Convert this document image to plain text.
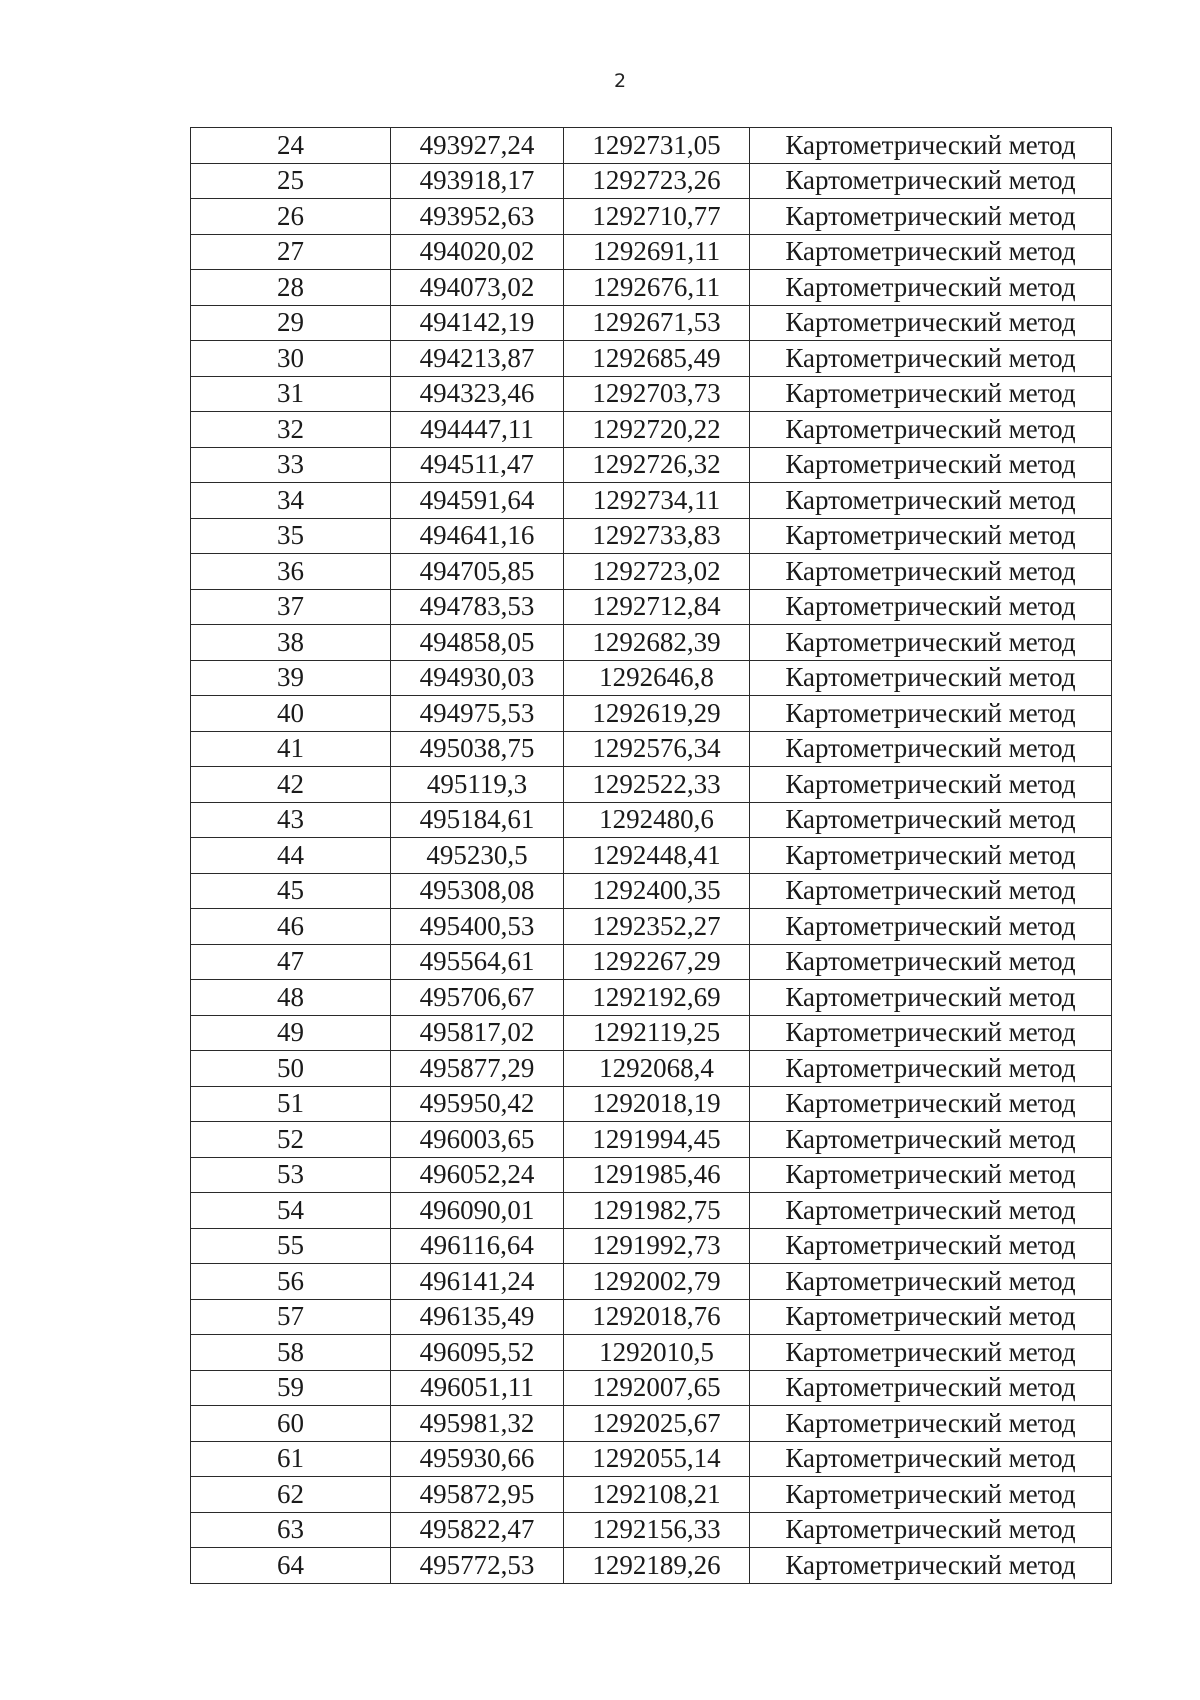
2
24	493927,24	1292731,05	Картометрический метод
25	493918,17	1292723,26	Картометрический метод
26	493952,63	1292710,77	Картометрический метод
27	494020,02	1292691,11	Картометрический метод
28	494073,02	1292676,11	Картометрический метод
29	494142,19	1292671,53	Картометрический метод
30	494213,87	1292685,49	Картометрический метод
31	494323,46	1292703,73	Картометрический метод
32	494447,11	1292720,22	Картометрический метод
33	494511,47	1292726,32	Картометрический метод
34	494591,64	1292734,11	Картометрический метод
35	494641,16	1292733,83	Картометрический метод
36	494705,85	1292723,02	Картометрический метод
37	494783,53	1292712,84	Картометрический метод
38	494858,05	1292682,39	Картометрический метод
39	494930,03	1292646,8	Картометрический метод
40	494975,53	1292619,29	Картометрический метод
41	495038,75	1292576,34	Картометрический метод
42	495119,3	1292522,33	Картометрический метод
43	495184,61	1292480,6	Картометрический метод
44	495230,5	1292448,41	Картометрический метод
45	495308,08	1292400,35	Картометрический метод
46	495400,53	1292352,27	Картометрический метод
47	495564,61	1292267,29	Картометрический метод
48	495706,67	1292192,69	Картометрический метод
49	495817,02	1292119,25	Картометрический метод
50	495877,29	1292068,4	Картометрический метод
51	495950,42	1292018,19	Картометрический метод
52	496003,65	1291994,45	Картометрический метод
53	496052,24	1291985,46	Картометрический метод
54	496090,01	1291982,75	Картометрический метод
55	496116,64	1291992,73	Картометрический метод
56	496141,24	1292002,79	Картометрический метод
57	496135,49	1292018,76	Картометрический метод
58	496095,52	1292010,5	Картометрический метод
59	496051,11	1292007,65	Картометрический метод
60	495981,32	1292025,67	Картометрический метод
61	495930,66	1292055,14	Картометрический метод
62	495872,95	1292108,21	Картометрический метод
63	495822,47	1292156,33	Картометрический метод
64	495772,53	1292189,26	Картометрический метод
